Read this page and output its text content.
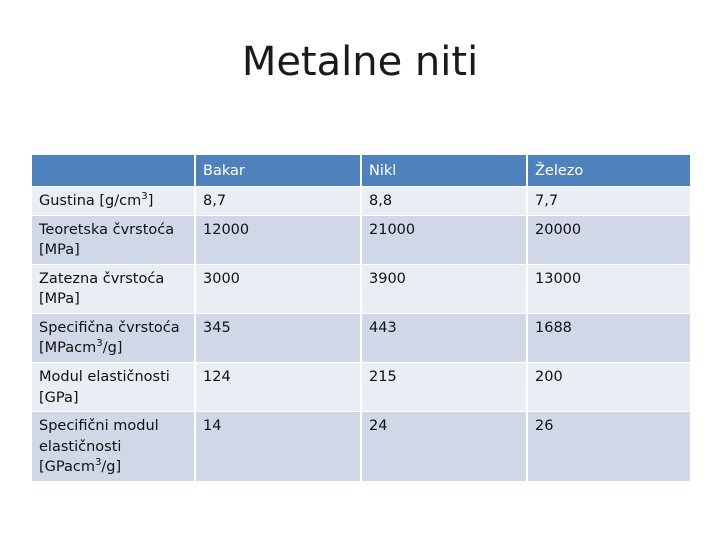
Metalne niti
	Bakar	Nikl	Železo
Gustina $[g/cm^3]$	8,7	8,8	7,7
Teoretska čvrstoća [MPa]	12000	21000	20000
Zatezna čvrstoća [MPa]	3000	3900	13000
Specifična čvrstoća [MPacm$^3$/g]	345	443	1688
Modul elastičnosti [GPa]	124	215	200
Specifični modul elastičnosti [GPacm$^3$/g]	14	24	26
